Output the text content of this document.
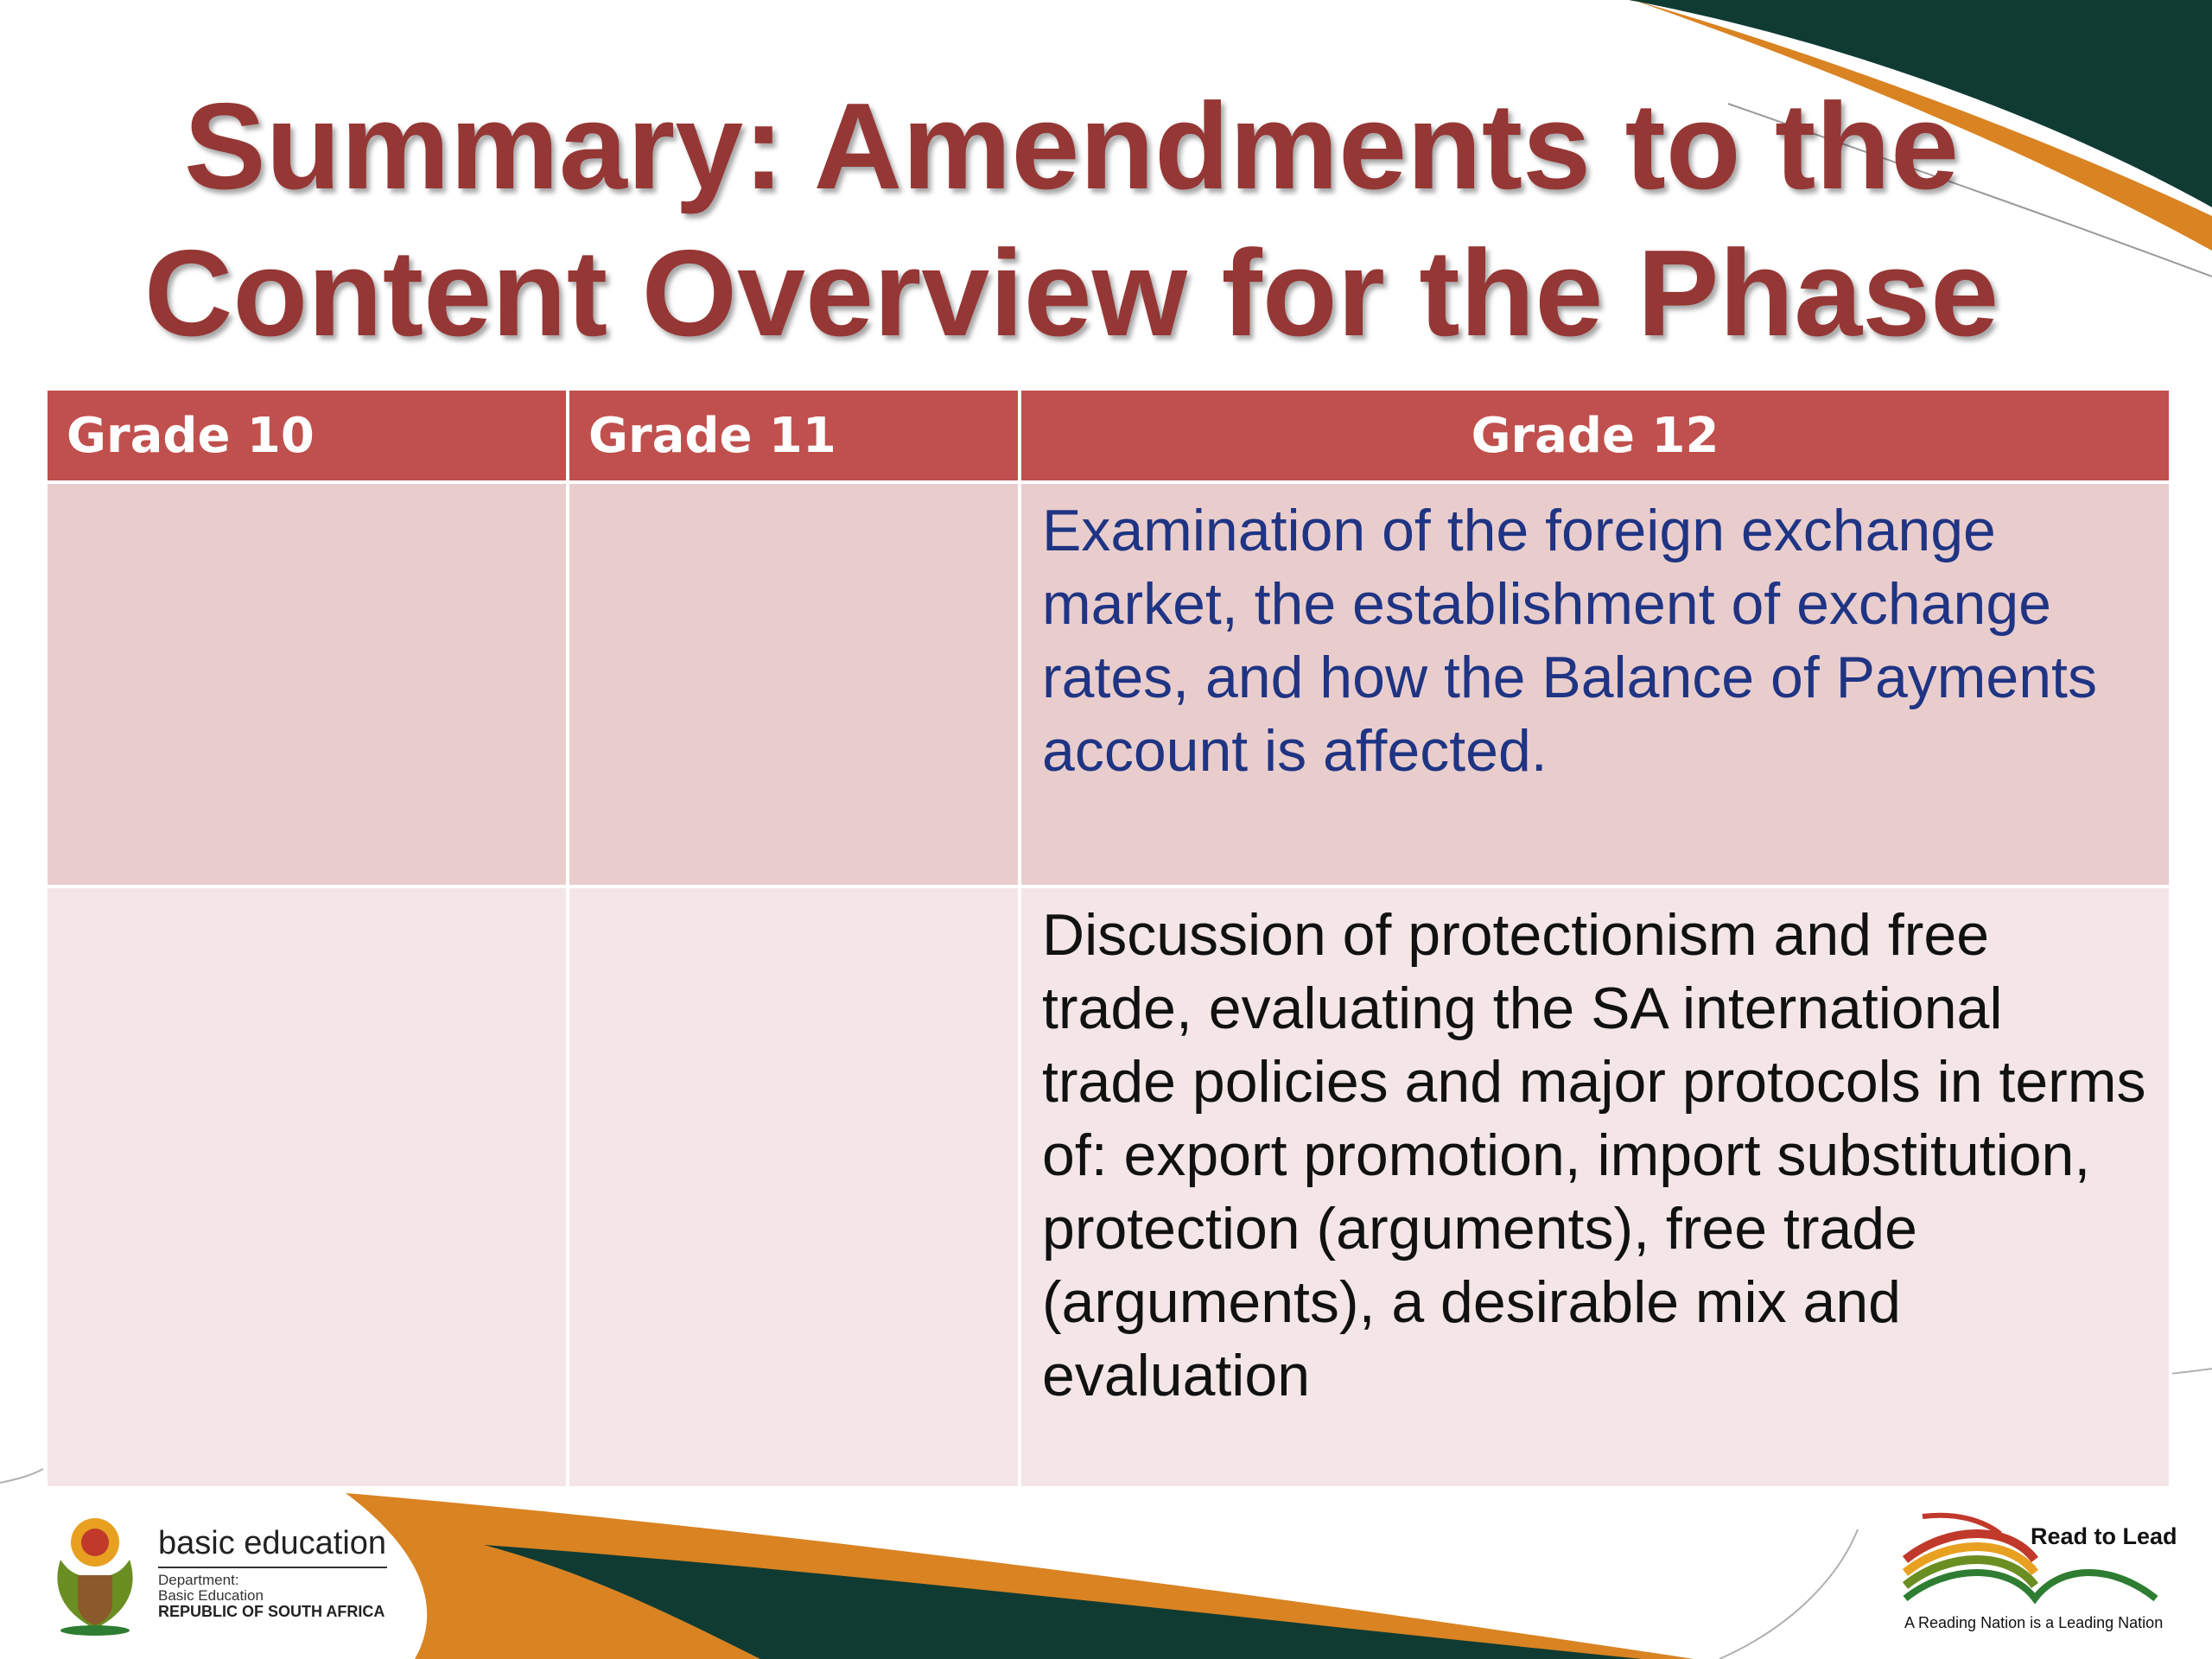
Summary: Amendments to the
Content Overview for the Phase
Grade 10	Grade 11	Grade 12
		Examination of the foreign exchange market, the establishment of exchange rates, and how the Balance of Payments account is affected.
		Discussion of protectionism and free trade, evaluating the SA international trade policies and major protocols in terms of: export promotion, import substitution, protection (arguments), free trade (arguments), a desirable mix and evaluation
basic education
Department:
Basic Education
REPUBLIC OF SOUTH AFRICA
Read to Lead
A Reading Nation is a Leading Nation
